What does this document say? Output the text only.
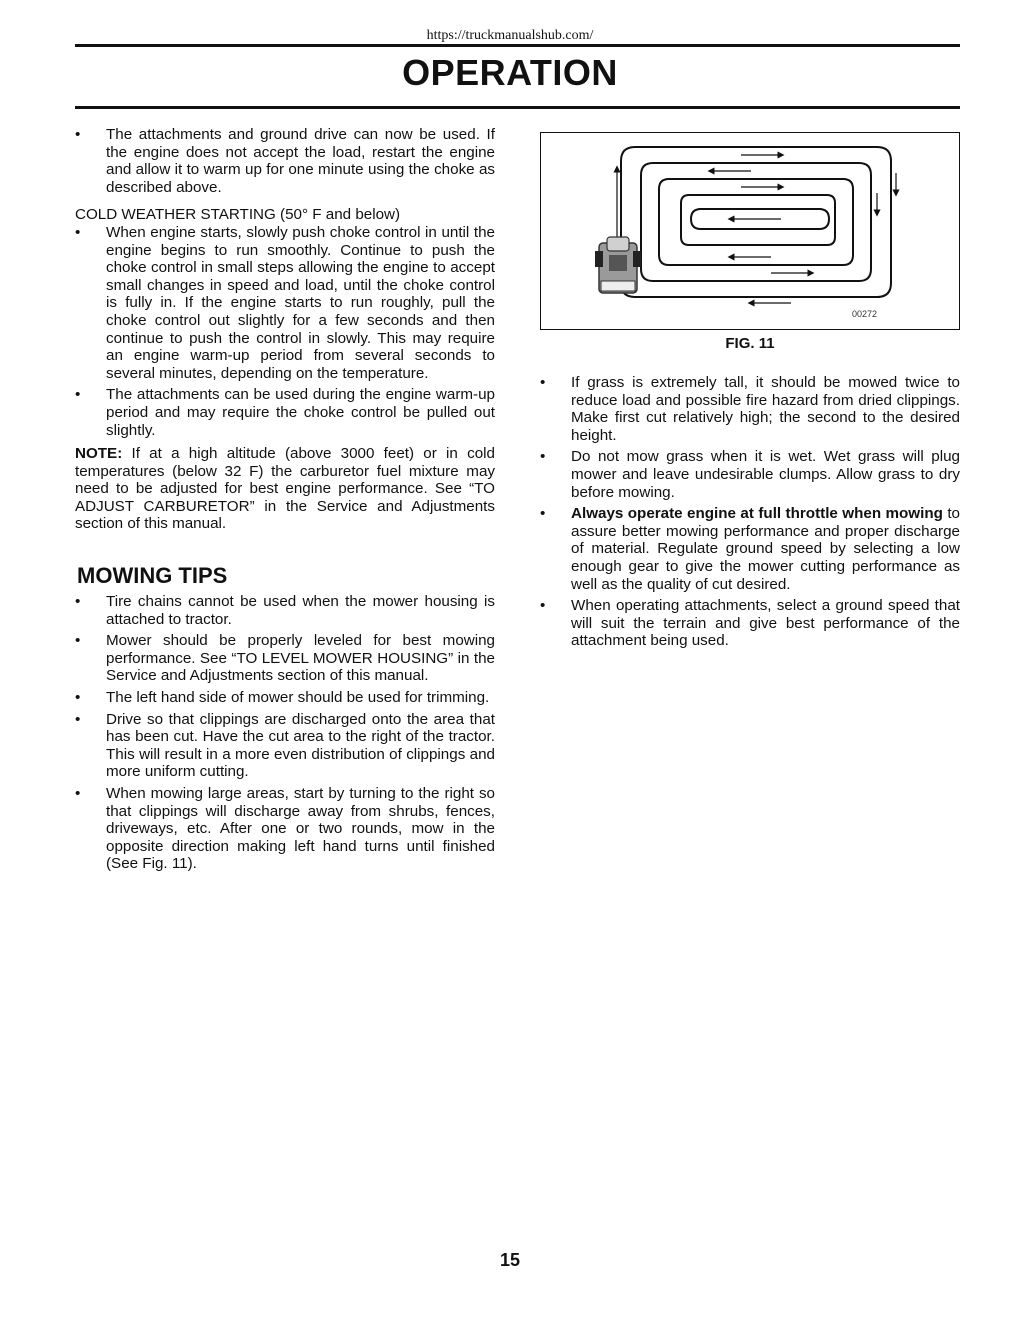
https://truckmanualshub.com/
OPERATION

• The attachments and ground drive can now be used. If the engine does not accept the load, restart the engine and allow it to warm up for one minute using the choke as described above.

COLD WEATHER STARTING (50° F and below)

• When engine starts, slowly push choke control in until the engine begins to run smoothly. Continue to push the choke control in small steps allowing the engine to accept small changes in speed and load, until the choke control is fully in. If the engine starts to run roughly, pull the choke control out slightly for a few seconds and then continue to push the control in slowly. This may require an engine warm-up period from several seconds to several minutes, depending on the temperature.

• The attachments can be used during the engine warm-up period and may require the choke control be pulled out slightly.

NOTE: If at a high altitude (above 3000 feet) or in cold temperatures (below 32 F) the carburetor fuel mixture may need to be adjusted for best engine performance. See “TO ADJUST CARBURETOR” in the Service and Adjustments section of this manual.

MOWING TIPS

• Tire chains cannot be used when the mower housing is attached to tractor.

• Mower should be properly leveled for best mowing performance. See “TO LEVEL MOWER HOUSING” in the Service and Adjustments section of this manual.

• The left hand side of mower should be used for trimming.

• Drive so that clippings are discharged onto the area that has been cut. Have the cut area to the right of the tractor. This will result in a more even distribution of clippings and more uniform cutting.

• When mowing large areas, start by turning to the right so that clippings will discharge away from shrubs, fences, driveways, etc. After one or two rounds, mow in the opposite direction making left hand turns until finished (See Fig. 11).

00272
FIG. 11

• If grass is extremely tall, it should be mowed twice to reduce load and possible fire hazard from dried clippings. Make first cut relatively high; the second to the desired height.

• Do not mow grass when it is wet. Wet grass will plug mower and leave undesirable clumps. Allow grass to dry before mowing.

• Always operate engine at full throttle when mowing to assure better mowing performance and proper discharge of material. Regulate ground speed by selecting a low enough gear to give the mower cutting performance as well as the quality of cut desired.

• When operating attachments, select a ground speed that will suit the terrain and give best performance of the attachment being used.

15
